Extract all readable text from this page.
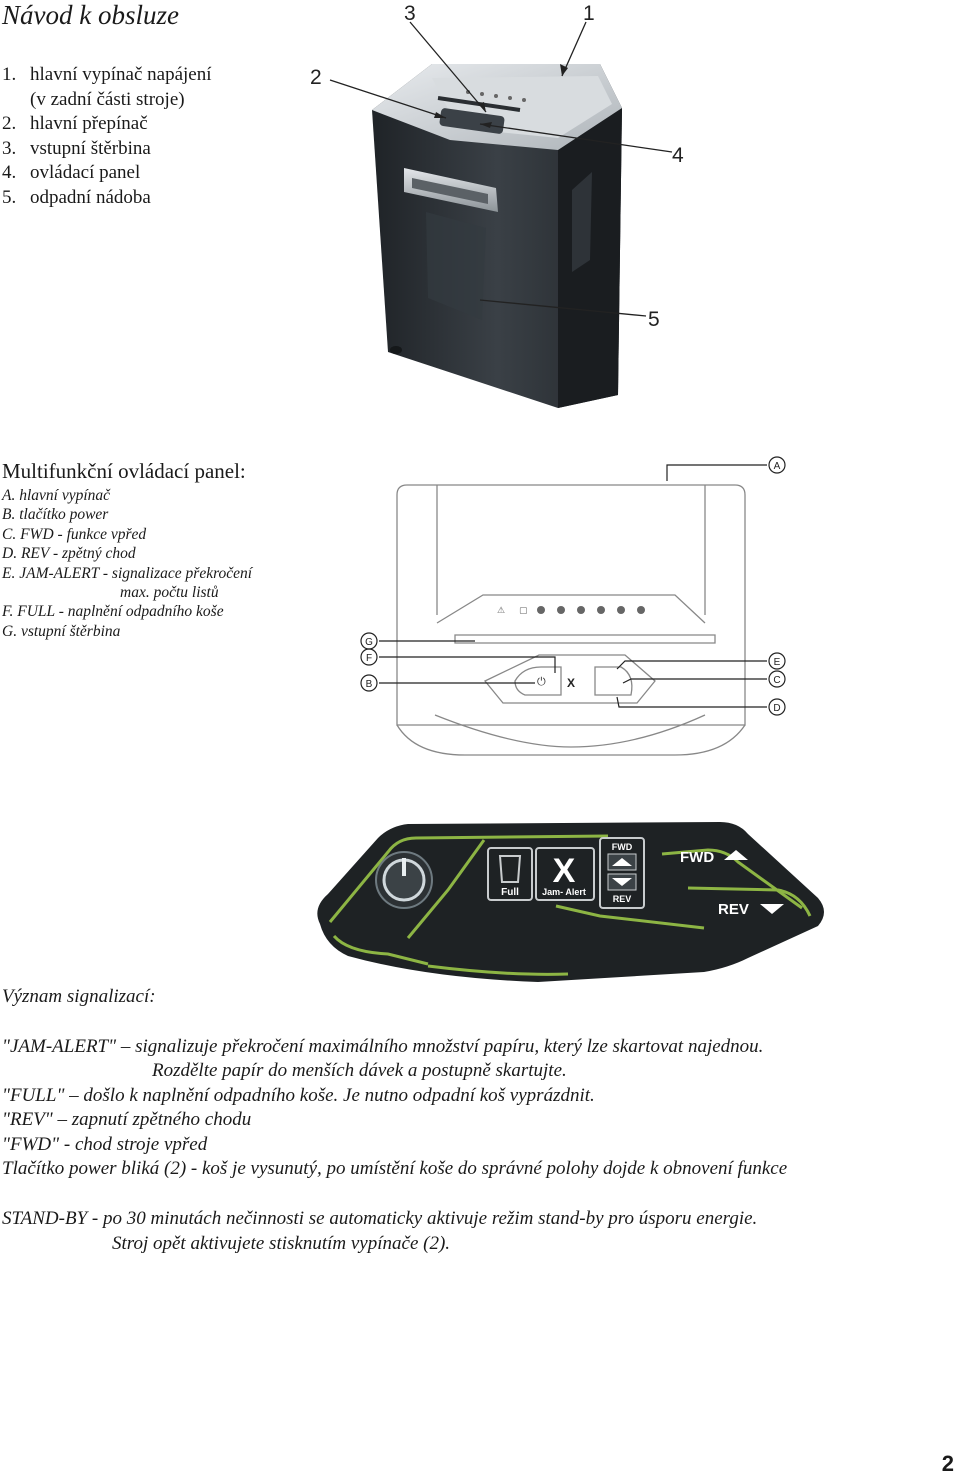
Návod k obsluze
1. hlavní vypínač napájení
(v zadní části stroje)
2. hlavní přepínač
3. vstupní štěrbina
4. ovládací panel
5. odpadní nádoba
3	1
2
4
5
Multifunkční ovládací panel:
A. hlavní vypínač
B. tlačítko power
C. FWD - funkce vpřed
D. REV - zpětný chod
E. JAM-ALERT - signalizace překročení
max. počtu listů
F. FULL - naplnění odpadního koše
G. vstupní štěrbina
⚠ ▢
⏻ X
A
G
F
B
E
C
D
Full
X
Jam- Alert
FWD
REV
FWD
REV
Význam signalizací:
"JAM-ALERT" – signalizuje překročení maximálního množství papíru, který lze skartovat najednou.
Rozdělte papír do menších dávek a postupně skartujte.
"FULL" – došlo k naplnění odpadního koše. Je nutno odpadní koš vyprázdnit.
"REV" – zapnutí zpětného chodu
"FWD" - chod stroje vpřed
Tlačítko power bliká (2) - koš je vysunutý, po umístění koše do správné polohy dojde k obnovení funkce
STAND-BY - po 30 minutách nečinnosti se automaticky aktivuje režim stand-by pro úsporu energie.
Stroj opět aktivujete stisknutím vypínače (2).
2
